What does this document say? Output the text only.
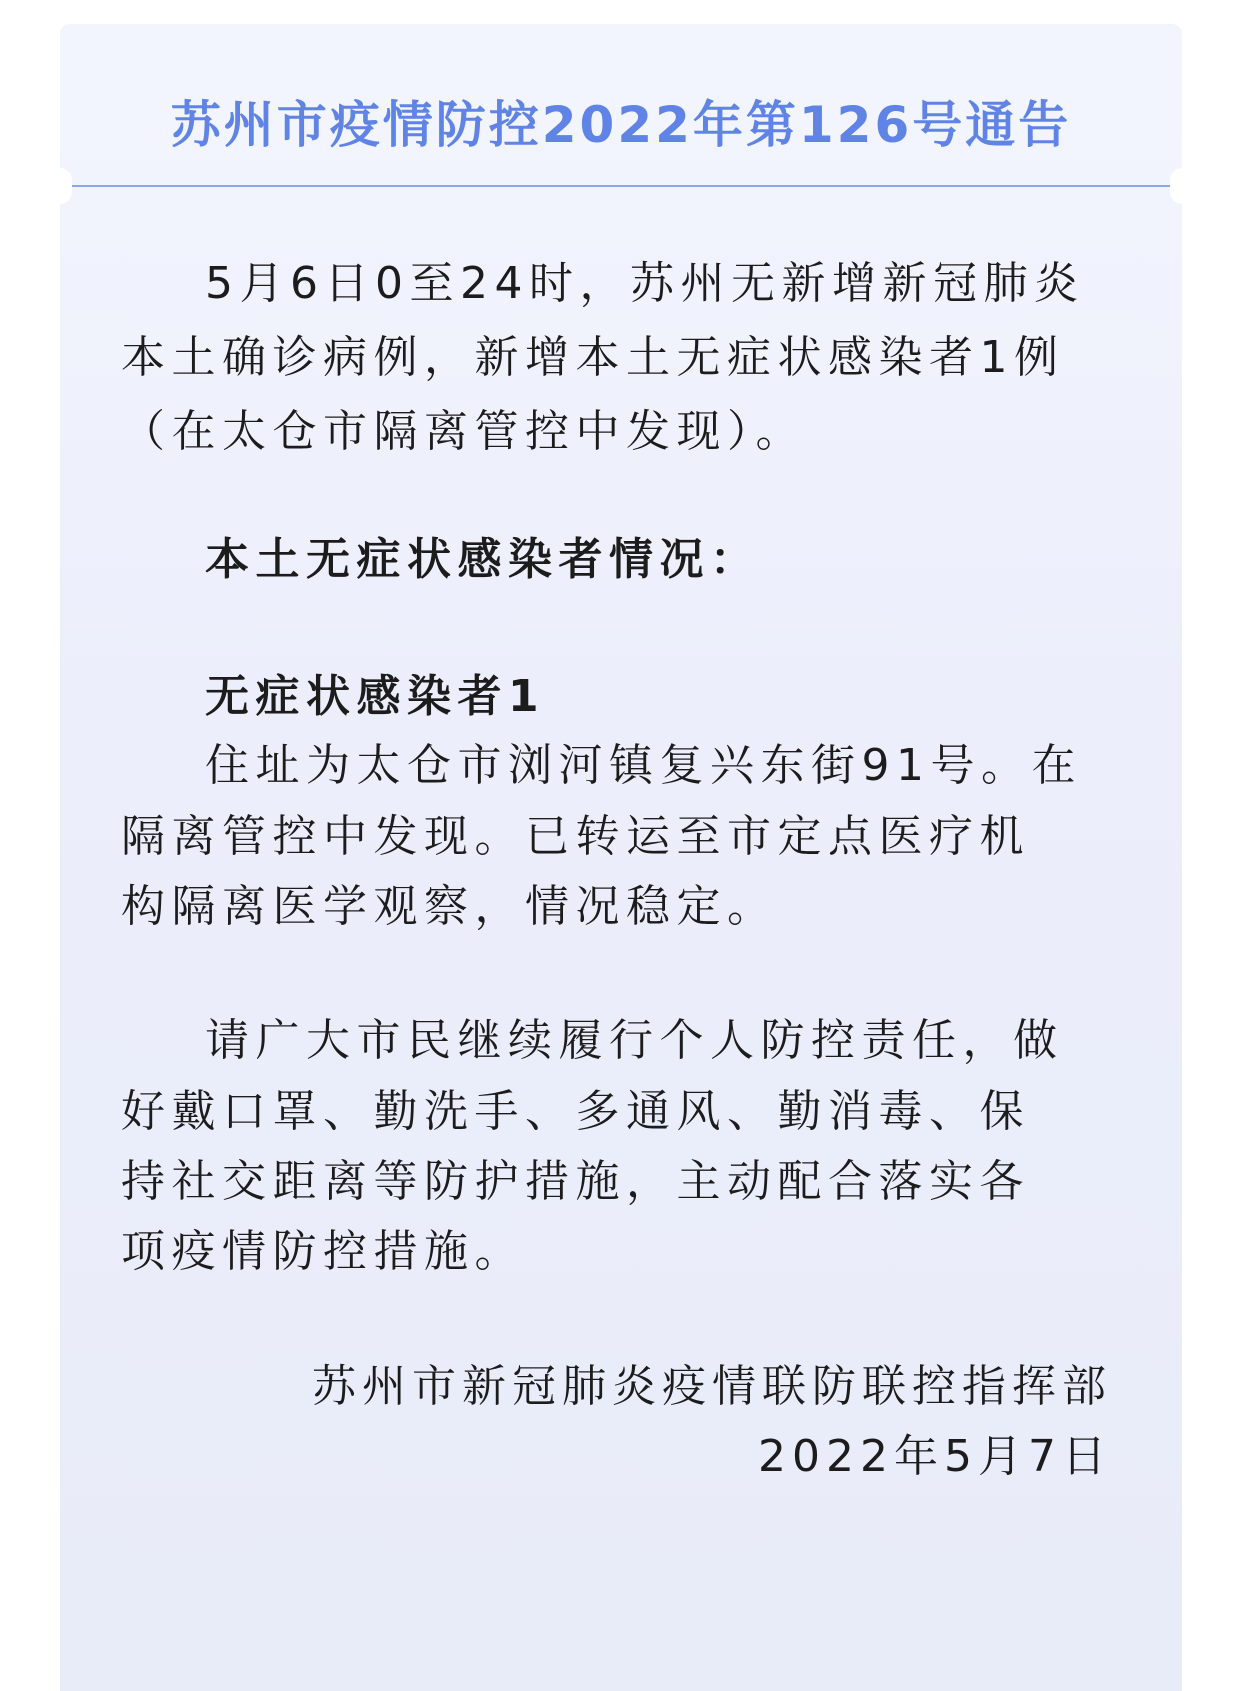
苏州市疫情防控2022年第126号通告

5月6日0至24时，苏州无新增新冠肺炎

本土确诊病例，新增本土无症状感染者1例

（在太仓市隔离管控中发现）。

本土无症状感染者情况：

无症状感染者1

住址为太仓市浏河镇复兴东街91号。在

隔离管控中发现。已转运至市定点医疗机

构隔离医学观察，情况稳定。

请广大市民继续履行个人防控责任，做

好戴口罩、勤洗手、多通风、勤消毒、保

持社交距离等防护措施，主动配合落实各

项疫情防控措施。

苏州市新冠肺炎疫情联防联控指挥部

2022年5月7日
